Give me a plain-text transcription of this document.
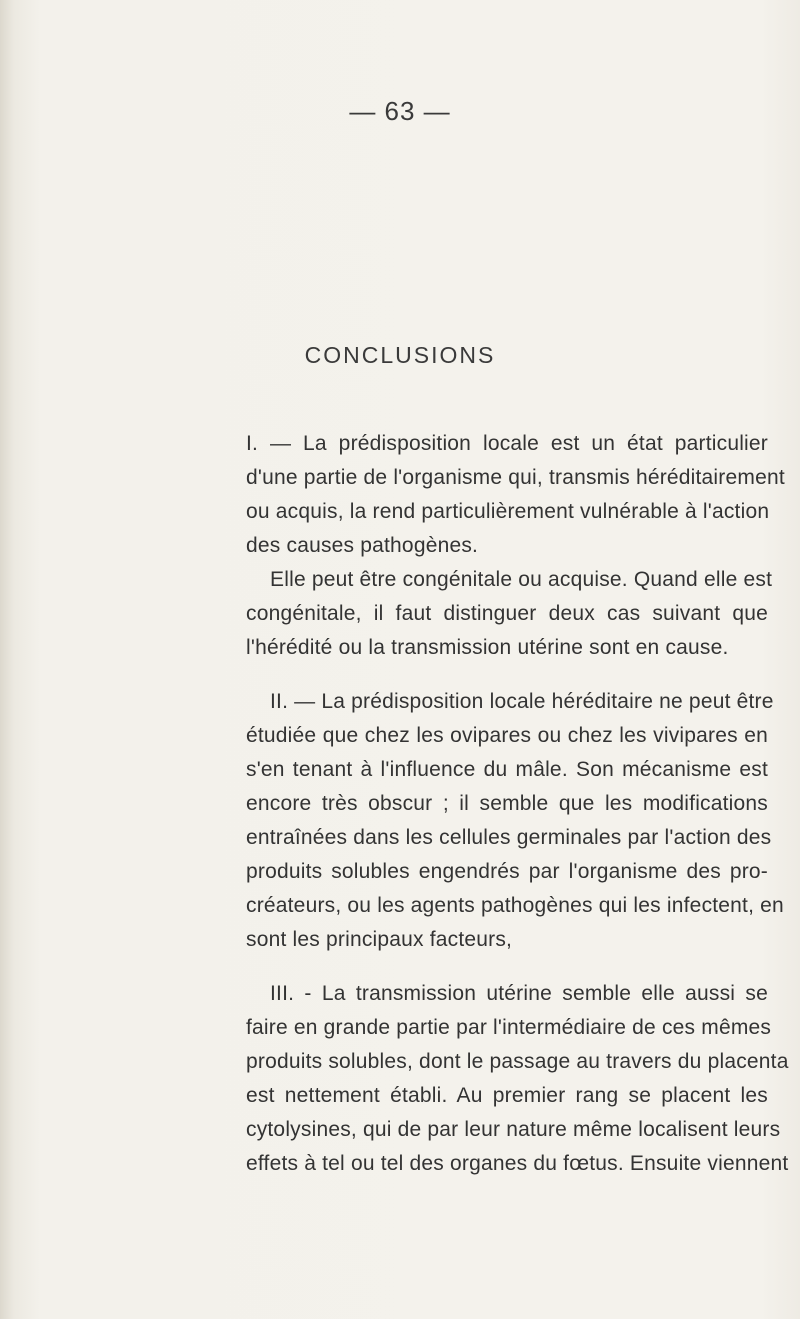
— 63 —
CONCLUSIONS
I. — La prédisposition locale est un état particulier
d'une partie de l'organisme qui, transmis héréditairement
ou acquis, la rend particulièrement vulnérable à l'action
des causes pathogènes.
Elle peut être congénitale ou acquise. Quand elle est
congénitale, il faut distinguer deux cas suivant que
l'hérédité ou la transmission utérine sont en cause.
II. — La prédisposition locale héréditaire ne peut être
étudiée que chez les ovipares ou chez les vivipares en
s'en tenant à l'influence du mâle. Son mécanisme est
encore très obscur ; il semble que les modifications
entraînées dans les cellules germinales par l'action des
produits solubles engendrés par l'organisme des pro-
créateurs, ou les agents pathogènes qui les infectent, en
sont les principaux facteurs,
III. - La transmission utérine semble elle aussi se
faire en grande partie par l'intermédiaire de ces mêmes
produits solubles, dont le passage au travers du placenta
est nettement établi. Au premier rang se placent les
cytolysines, qui de par leur nature même localisent leurs
effets à tel ou tel des organes du fœtus. Ensuite viennent
